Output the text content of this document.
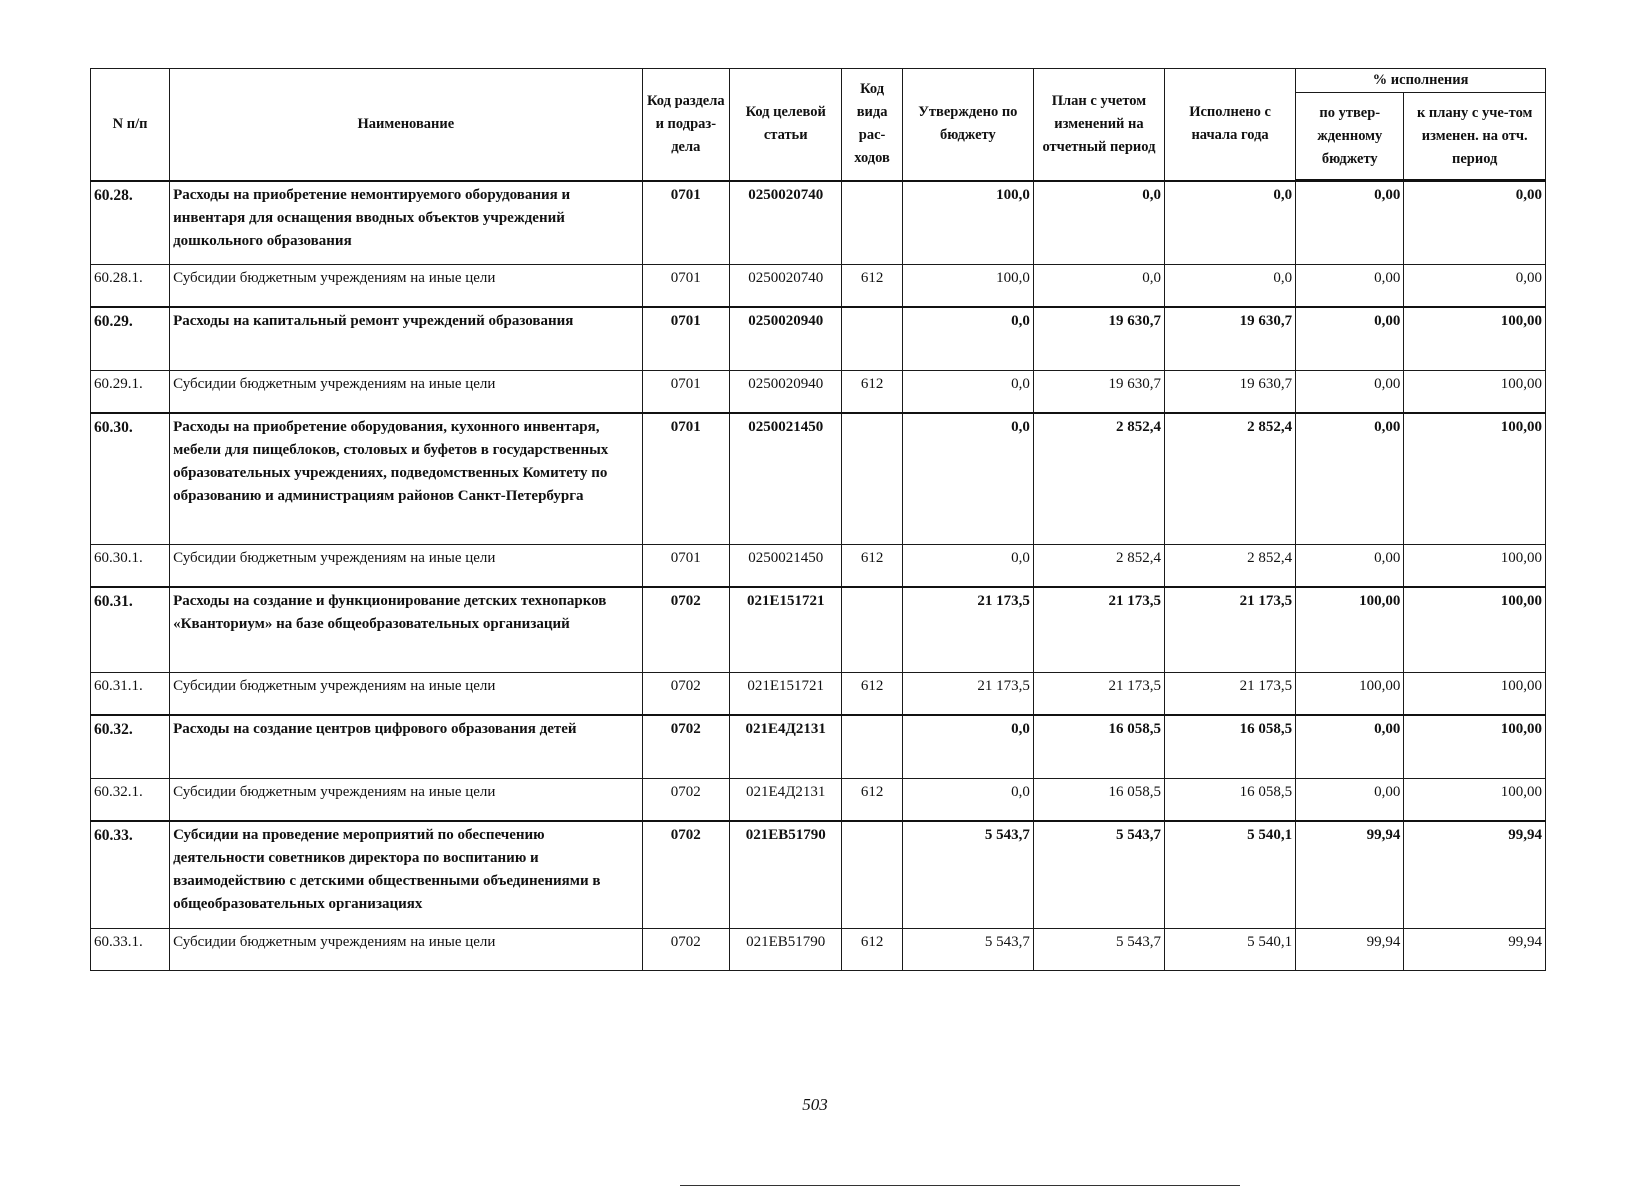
N п/п	Наименование	Код раздела и подраз-дела	Код целевой статьи	Код вида рас-ходов	Утверждено по бюджету	План с учетом изменений на отчетный период	Исполнено с начала года	% исполнения	
								по утвер-жденному бюджету	к плану с уче-том изменен. на отч. период
60.28.	Расходы на приобретение немонтируемого оборудования и инвентаря для оснащения вводных объектов учреждений дошкольного образования	0701	0250020740		100,0	0,0	0,0	0,00	0,00
60.28.1.	Субсидии бюджетным учреждениям на иные цели	0701	0250020740	612	100,0	0,0	0,0	0,00	0,00
60.29.	Расходы на капитальный ремонт учреждений образования	0701	0250020940		0,0	19 630,7	19 630,7	0,00	100,00
60.29.1.	Субсидии бюджетным учреждениям на иные цели	0701	0250020940	612	0,0	19 630,7	19 630,7	0,00	100,00
60.30.	Расходы на приобретение оборудования, кухонного инвентаря, мебели для пищеблоков, столовых и буфетов в государственных образовательных учреждениях, подведомственных Комитету по образованию и администрациям районов Санкт-Петербурга	0701	0250021450		0,0	2 852,4	2 852,4	0,00	100,00
60.30.1.	Субсидии бюджетным учреждениям на иные цели	0701	0250021450	612	0,0	2 852,4	2 852,4	0,00	100,00
60.31.	Расходы на создание и функционирование детских технопарков «Кванториум» на базе общеобразовательных организаций	0702	021E151721		21 173,5	21 173,5	21 173,5	100,00	100,00
60.31.1.	Субсидии бюджетным учреждениям на иные цели	0702	021E151721	612	21 173,5	21 173,5	21 173,5	100,00	100,00
60.32.	Расходы на создание центров цифрового образования детей	0702	021E4Д2131		0,0	16 058,5	16 058,5	0,00	100,00
60.32.1.	Субсидии бюджетным учреждениям на иные цели	0702	021E4Д2131	612	0,0	16 058,5	16 058,5	0,00	100,00
60.33.	Субсидии на проведение мероприятий по обеспечению деятельности советников директора по воспитанию и взаимодействию с детскими общественными объединениями в общеобразовательных организациях	0702	021EB51790		5 543,7	5 543,7	5 540,1	99,94	99,94
60.33.1.	Субсидии бюджетным учреждениям на иные цели	0702	021EB51790	612	5 543,7	5 543,7	5 540,1	99,94	99,94
503
